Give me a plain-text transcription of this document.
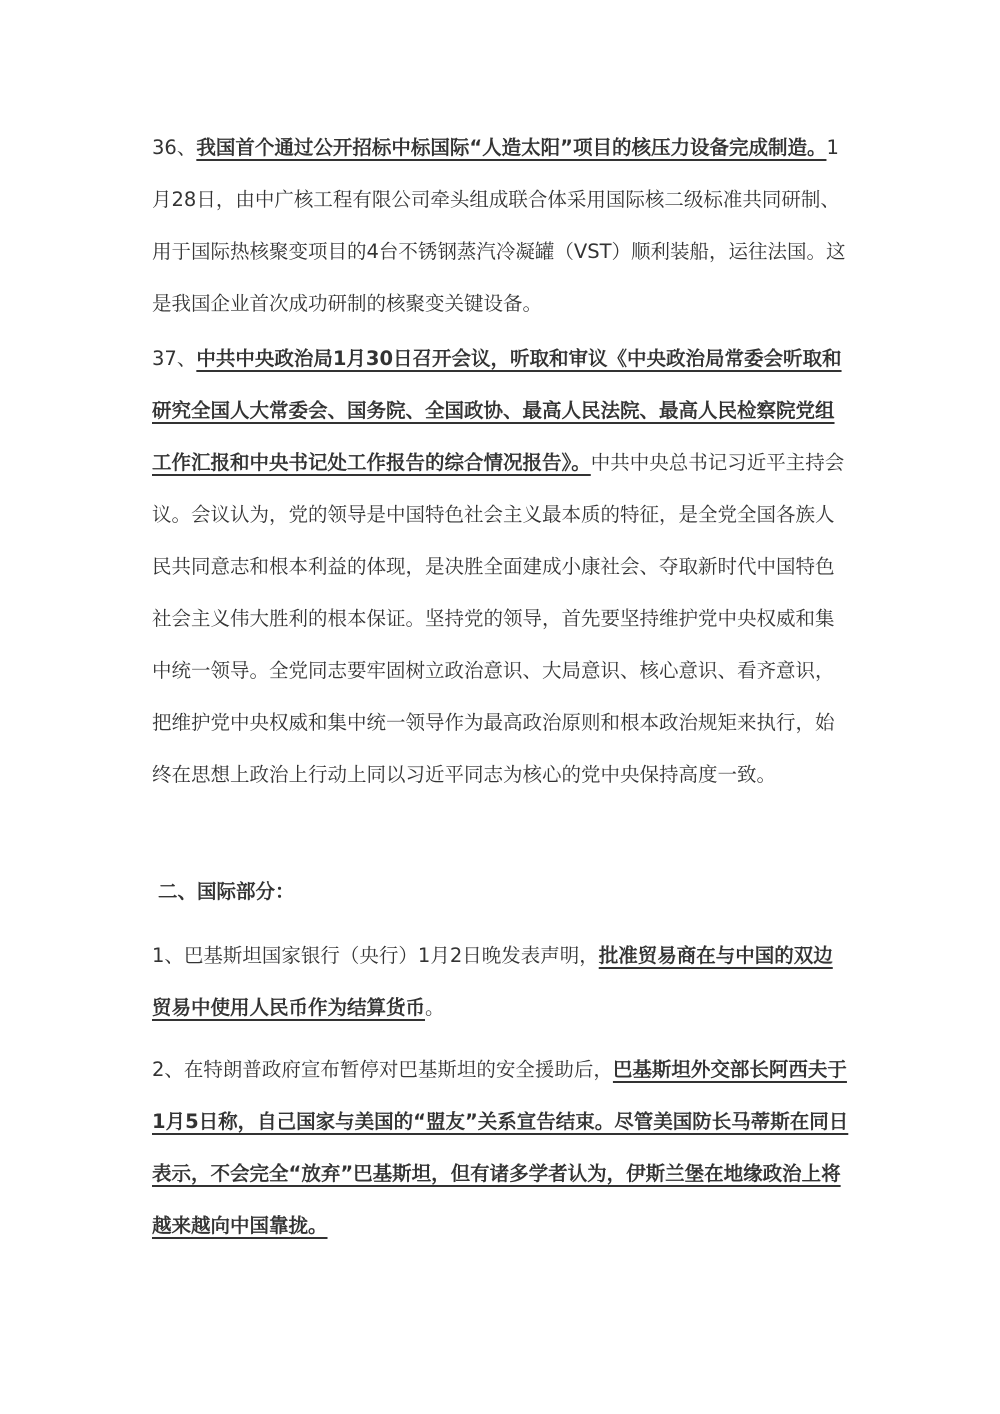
36、我国首个通过公开招标中标国际“人造太阳”项目的核压力设备完成制造。1月28日，由中广核工程有限公司牵头组成联合体采用国际核二级标准共同研制、用于国际热核聚变项目的4台不锈钢蒸汽冷凝罐（VST）顺利装船，运往法国。这是我国企业首次成功研制的核聚变关键设备。

37、中共中央政治局1月30日召开会议，听取和审议《中央政治局常委会听取和研究全国人大常委会、国务院、全国政协、最高人民法院、最高人民检察院党组工作汇报和中央书记处工作报告的综合情况报告》。中共中央总书记习近平主持会议。会议认为，党的领导是中国特色社会主义最本质的特征，是全党全国各族人民共同意志和根本利益的体现，是决胜全面建成小康社会、夺取新时代中国特色社会主义伟大胜利的根本保证。坚持党的领导，首先要坚持维护党中央权威和集中统一领导。全党同志要牢固树立政治意识、大局意识、核心意识、看齐意识，把维护党中央权威和集中统一领导作为最高政治原则和根本政治规矩来执行，始终在思想上政治上行动上同以习近平同志为核心的党中央保持高度一致。

二、国际部分：

1、巴基斯坦国家银行（央行）1月2日晚发表声明，批准贸易商在与中国的双边贸易中使用人民币作为结算货币。

2、在特朗普政府宣布暂停对巴基斯坦的安全援助后，巴基斯坦外交部长阿西夫于1月5日称，自己国家与美国的“盟友”关系宣告结束。尽管美国防长马蒂斯在同日表示，不会完全“放弃”巴基斯坦，但有诸多学者认为，伊斯兰堡在地缘政治上将越来越向中国靠拢。
